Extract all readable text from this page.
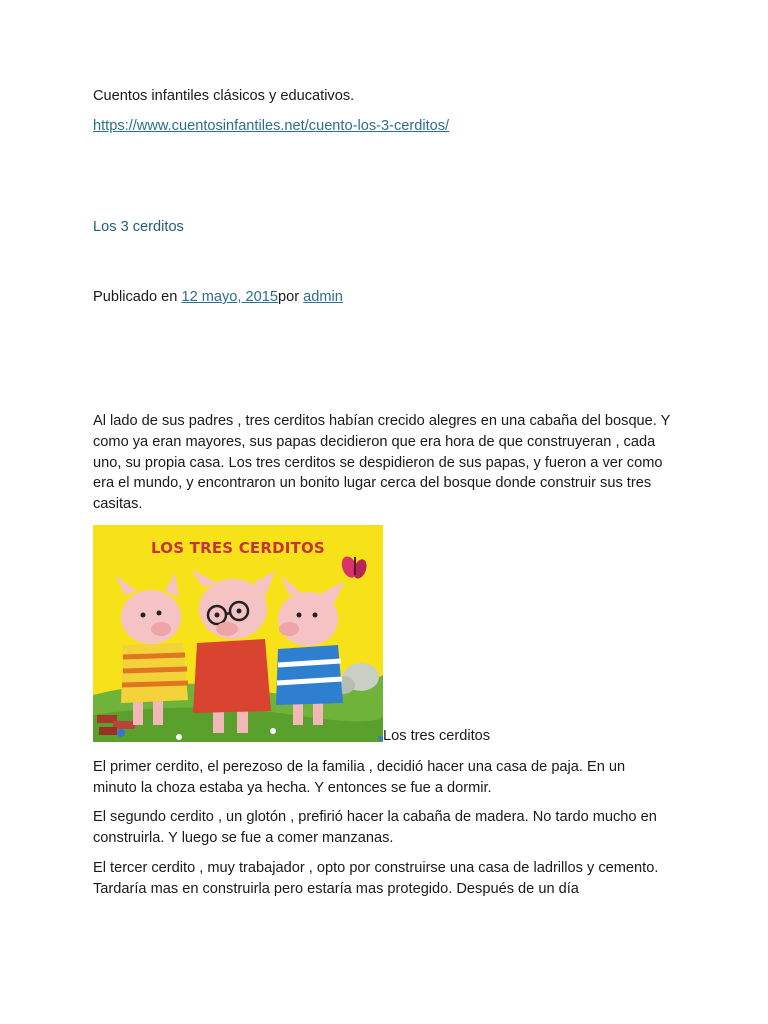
Cuentos infantiles clásicos y educativos.

https://www.cuentosinfantiles.net/cuento-los-3-cerditos/

Los 3 cerditos

Publicado en 12 mayo, 2015por admin

Al lado de sus padres , tres cerditos habían crecido alegres en una cabaña del bosque. Y como ya eran mayores, sus papas decidieron que era hora de que construyeran , cada uno, su propia casa. Los tres cerditos se despidieron de sus papas, y fueron a ver como era el mundo, y encontraron un bonito lugar cerca del bosque donde construir sus tres casitas.

LOS TRES CERDITOS
Los tres cerditos

El primer cerdito, el perezoso de la familia , decidió hacer una casa de paja. En un minuto la choza estaba ya hecha. Y entonces se fue a dormir.

El segundo cerdito , un glotón , prefirió hacer la cabaña de madera. No tardo mucho en construirla. Y luego se fue a comer manzanas.

El tercer cerdito , muy trabajador , opto por construirse una casa de ladrillos y cemento. Tardaría mas en construirla pero estaría mas protegido. Después de un día
